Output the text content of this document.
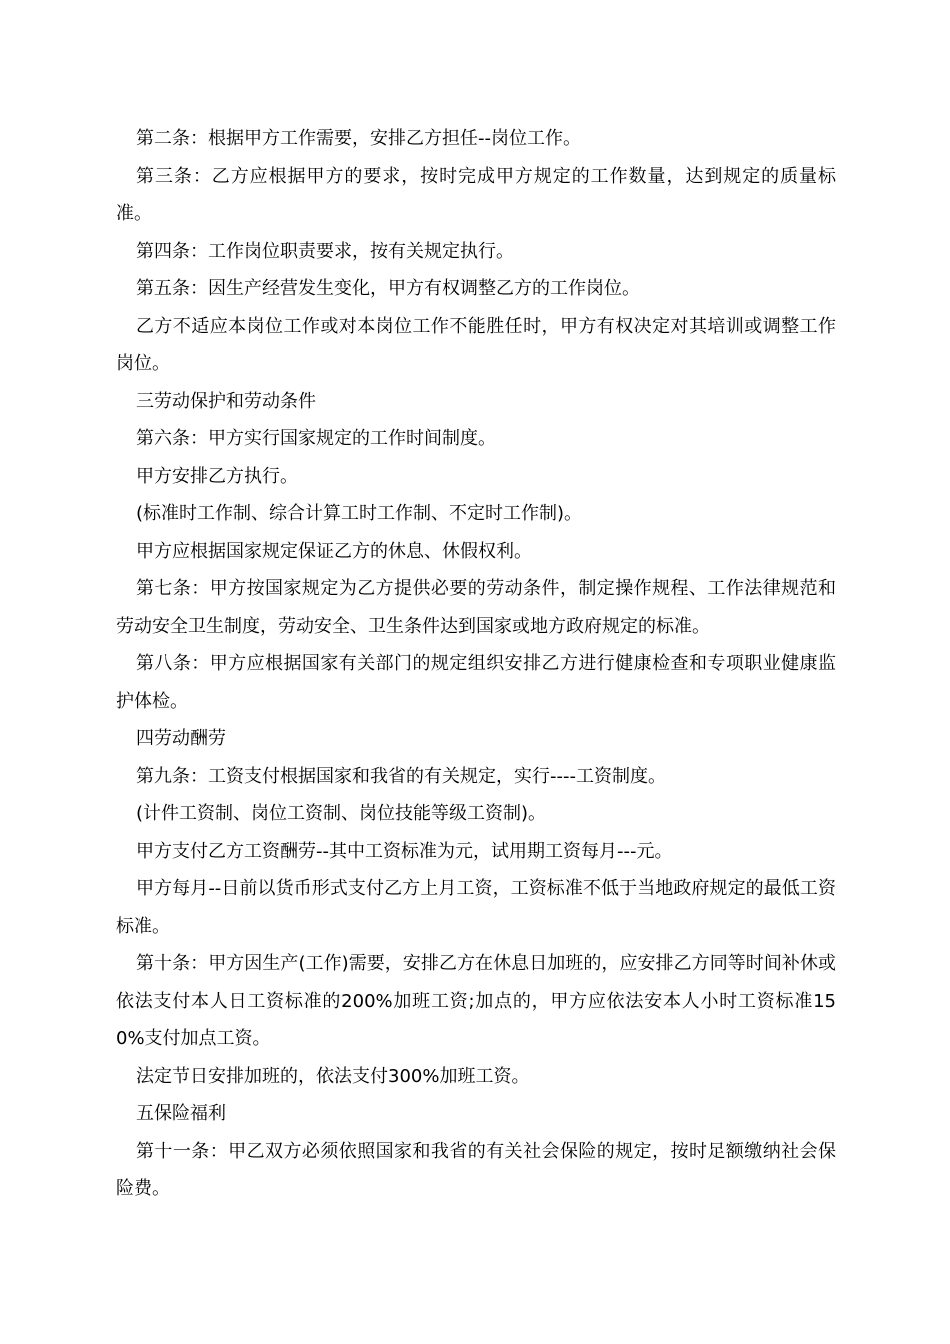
第二条：根据甲方工作需要，安排乙方担任--岗位工作。

第三条：乙方应根据甲方的要求，按时完成甲方规定的工作数量，达到规定的质量标准。

第四条：工作岗位职责要求，按有关规定执行。

第五条：因生产经营发生变化，甲方有权调整乙方的工作岗位。

乙方不适应本岗位工作或对本岗位工作不能胜任时，甲方有权决定对其培训或调整工作岗位。

三劳动保护和劳动条件

第六条：甲方实行国家规定的工作时间制度。

甲方安排乙方执行。

(标准时工作制、综合计算工时工作制、不定时工作制)。

甲方应根据国家规定保证乙方的休息、休假权利。

第七条：甲方按国家规定为乙方提供必要的劳动条件，制定操作规程、工作法律规范和劳动安全卫生制度，劳动安全、卫生条件达到国家或地方政府规定的标准。

第八条：甲方应根据国家有关部门的规定组织安排乙方进行健康检查和专项职业健康监护体检。

四劳动酬劳

第九条：工资支付根据国家和我省的有关规定，实行----工资制度。

(计件工资制、岗位工资制、岗位技能等级工资制)。

甲方支付乙方工资酬劳--其中工资标准为元，试用期工资每月---元。

甲方每月--日前以货币形式支付乙方上月工资，工资标准不低于当地政府规定的最低工资标准。

第十条：甲方因生产(工作)需要，安排乙方在休息日加班的，应安排乙方同等时间补休或依法支付本人日工资标准的200%加班工资;加点的，甲方应依法安本人小时工资标准150%支付加点工资。

法定节日安排加班的，依法支付300%加班工资。

五保险福利

第十一条：甲乙双方必须依照国家和我省的有关社会保险的规定，按时足额缴纳社会保险费。
